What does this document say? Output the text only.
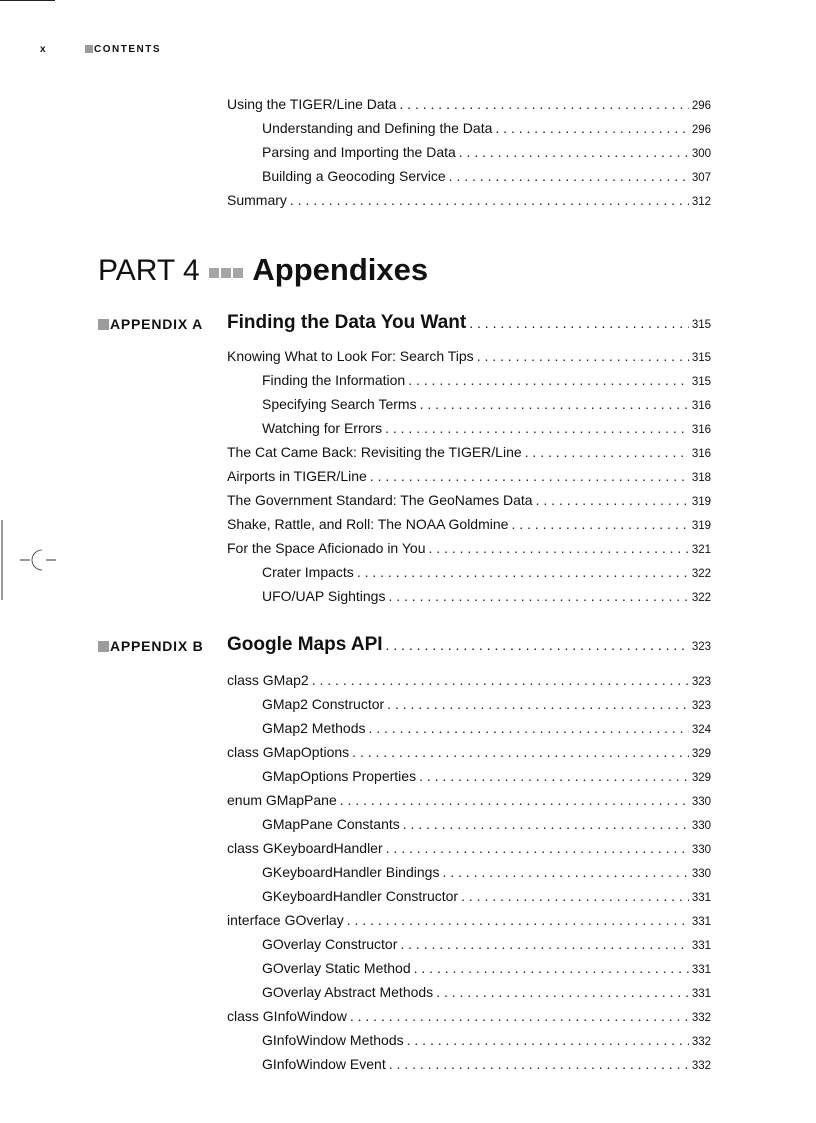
x	CONTENTS
Using the TIGER/Line Data . . .	296
Understanding and Defining the Data . . .	296
Parsing and Importing the Data . . .	300
Building a Geocoding Service . . .	307
Summary . . .	312
PART 4 Appendixes
APPENDIX A Finding the Data You Want . . .	315
Knowing What to Look For: Search Tips . . .	315
Finding the Information . . .	315
Specifying Search Terms . . .	316
Watching for Errors . . .	316
The Cat Came Back: Revisiting the TIGER/Line . . .	316
Airports in TIGER/Line . . .	318
The Government Standard: The GeoNames Data . . .	319
Shake, Rattle, and Roll: The NOAA Goldmine . . .	319
For the Space Aficionado in You . . .	321
Crater Impacts . . .	322
UFO/UAP Sightings . . .	322
APPENDIX B Google Maps API . . .	323
class GMap2 . . .	323
GMap2 Constructor . . .	323
GMap2 Methods . . .	324
class GMapOptions . . .	329
GMapOptions Properties . . .	329
enum GMapPane . . .	330
GMapPane Constants . . .	330
class GKeyboardHandler . . .	330
GKeyboardHandler Bindings . . .	330
GKeyboardHandler Constructor . . .	331
interface GOverlay . . .	331
GOverlay Constructor . . .	331
GOverlay Static Method . . .	331
GOverlay Abstract Methods . . .	331
class GInfoWindow . . .	332
GInfoWindow Methods . . .	332
GInfoWindow Event . . .	332
